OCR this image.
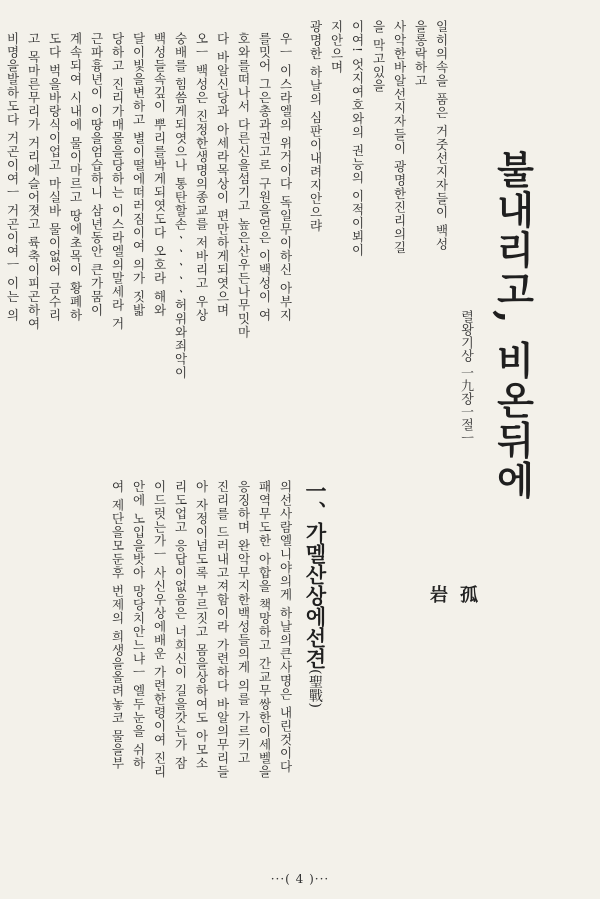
불내리고, 비온뒤에
렬왕기상 一九장一절ㅡ
孤 岩
일히의속을 품은 거줏선지자들이 백성을롱락하고
사악한바알선지자들이 광명한진리의길을 막고있을
이여! 엇지여호와의 권능의 이적이뵈이지안으며
광명한 하날의 심판이내려지안으랴
一、가멜산상에선견(聖戰)
의선사람엘니야의게 하날의큰사명은 내린것이다
패역무도한 아합을 책망하고 간교무쌍한이세벨을
응징하며 완악무지한백성들의게 의를 가르키고
진리를 드러내고져함이라 가련하다 바알의무리들
아 자정이넘도록 부르짓고 몸을상하여도 아모소
리도업고 응답이없음은 너희신이 길을갓는가 잠
이드럿는가ㅡ 사신우상에배운 가련한령이여 진리
안에 노입을밧아 망당치안느냐ㅡ 엘두눈을 쉬하
여 제단을모둔후 번제의 희생을올려놓코 물을부
우ㅡ 이스라엘의 위거이다 독일무이하신 아부지
를밋어 그은총과권고로 구원을얻은 이백성이 여
호와를떠나서 다른신을섬기고 높은산우든나무밋마
다 바알신당과 아세라목상이 편만하게되엿으며
오ㅡ 백성은 진정한생명의종교를 저바리고 우상
숭배를 힘씀게되엿으나 통탄할손ㆍㆍㆍㆍㆍ허위와죄악이
백성들속깊이 뿌리를박게되엿도다 오호라 해와
달이빛을변하고 별이떨에떠러짐이여 의가 짓밟
당하고 진리가매몰을당하는 이스라엘의말세라 거
근파흉년이 이땅을엄습하니 삼년동안 큰가뭄이
계속되여 시내에 물이마르고 땅에초목이 황폐하
도다 벅을바랑식이업고 마실바 물이없어 금수리
고 목마른무리가 거리에슬어졋고 륙축이피곤하여
비명을발하도다 거곤이여ㅡ 거곤이여ㅡ 이는 의
···( 4 )···
